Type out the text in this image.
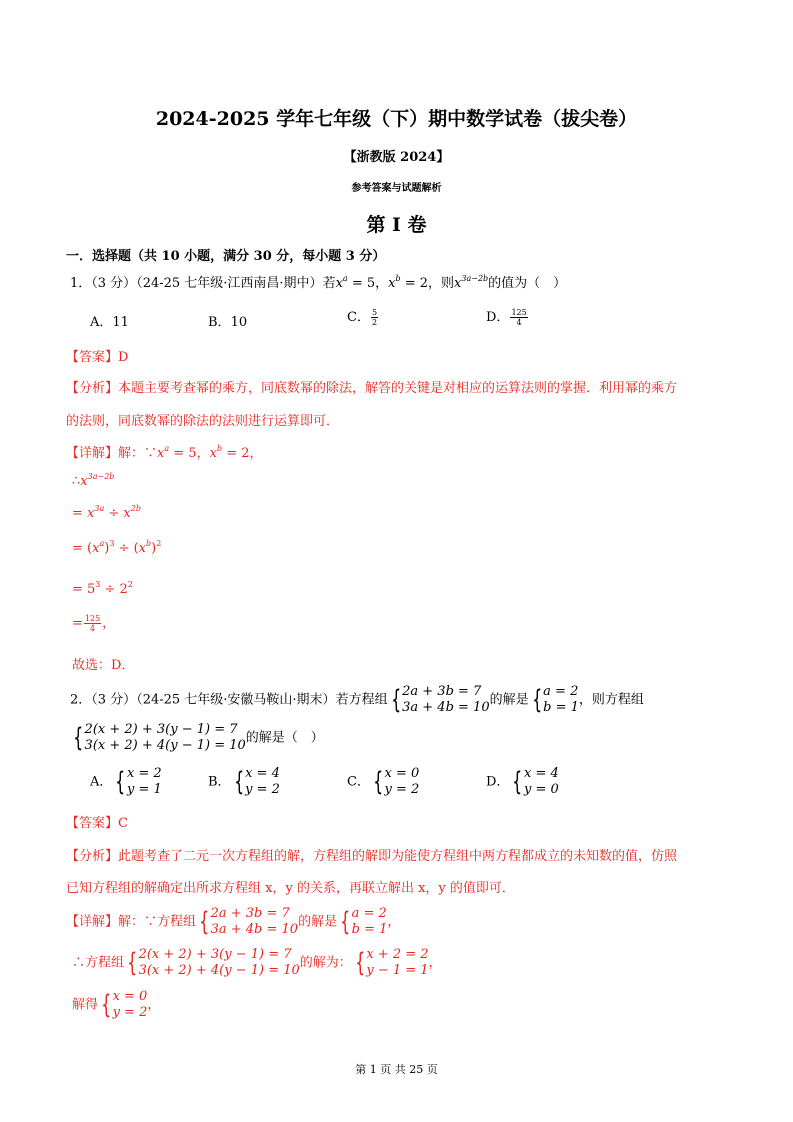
2024-2025 学年七年级（下）期中数学试卷（拔尖卷）
【浙教版 2024】
参考答案与试题解析
第 I 卷
一．选择题（共 10 小题，满分 30 分，每小题 3 分）
1．（3 分）（24-25 七年级·江西南昌·期中）若$x^a = 5$，$x^b = 2$，则$x^{3a-2b}$的值为（　）
A．11	B．10	C． $\frac{5}{2}$	D． $\frac{125}{4}$
【答案】D
【分析】本题主要考查幂的乘方，同底数幂的除法，解答的关键是对相应的运算法则的掌握．利用幂的乘方
的法则，同底数幂的除法的法则进行运算即可．
【详解】解：$\because x^a = 5$，$x^b = 2$，
$\therefore x^{3a-2b}$
= $x^{3a} \div x^{2b}$
= $(x^a)^3 \div (x^b)^2$
= $5^3 \div 2^2$
= $\frac{125}{4}$ ，
故选：D．
2．（3 分）（24-25 七年级·安徽马鞍山·期末）若方程组 { 2a + 3b = 7
3a + 4b = 10 的解是 { a = 2
b = 1 ，则方程组
{ 2(x + 2) + 3(y − 1) = 7
3(x + 2) + 4(y − 1) = 10 的解是（　）
A． { x = 2
y = 1	B． { x = 4
y = 2	C． { x = 0
y = 2	D． { x = 4
y = 0
【答案】C
【分析】此题考查了二元一次方程组的解，方程组的解即为能使方程组中两方程都成立的未知数的值，仿照
已知方程组的解确定出所求方程组 x，y 的关系，再联立解出 x，y 的值即可．
【详解】解：∵方程组 { 2a + 3b = 7
3a + 4b = 10 的解是 { a = 2
b = 1 ，
∴方程组 { 2(x + 2) + 3(y − 1) = 7
3(x + 2) + 4(y − 1) = 10 的解为： { x + 2 = 2
y − 1 = 1 ，
解得 { x = 0
y = 2 ，
第 1 页 共 25 页
